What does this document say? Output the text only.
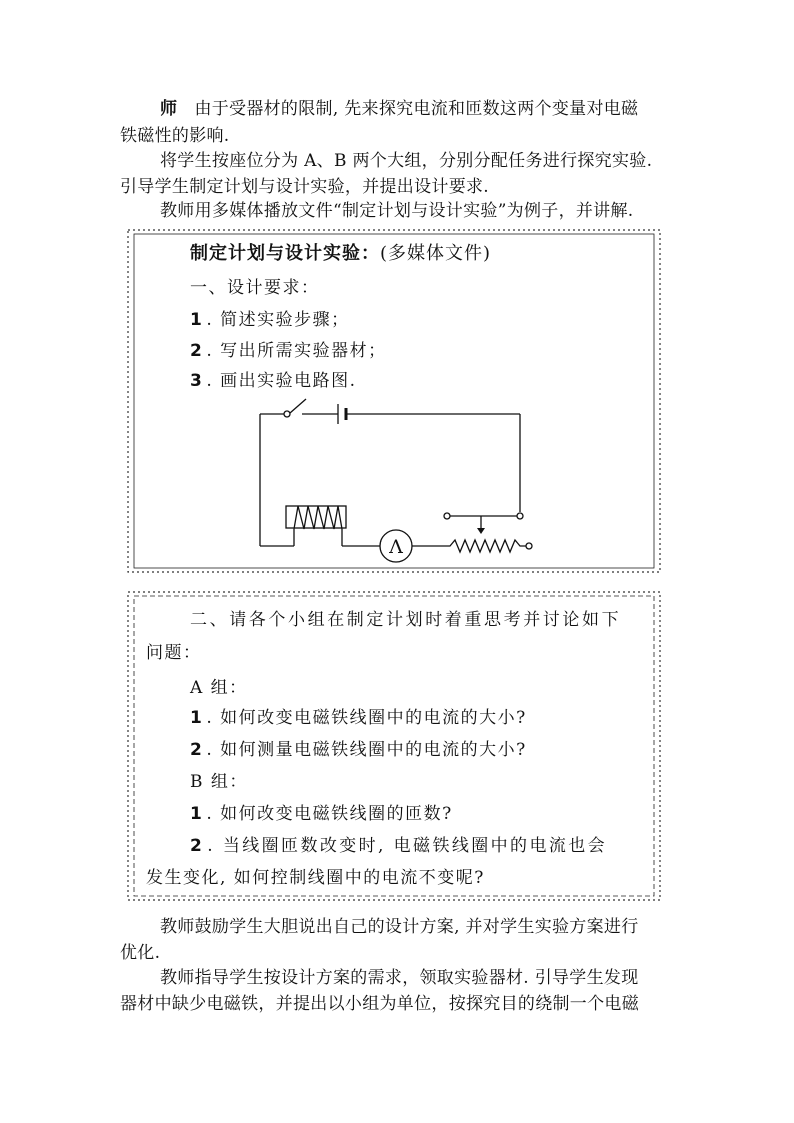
师 由于受器材的限制, 先来探究电流和匝数这两个变量对电磁
铁磁性的影响.
将学生按座位分为 A、B 两个大组，分别分配任务进行探究实验.
引导学生制定计划与设计实验，并提出设计要求.
教师用多媒体播放文件“制定计划与设计实验”为例子，并讲解.
制定计划与设计实验：(多媒体文件)
一、设计要求：
1 . 简述实验步骤；
2 . 写出所需实验器材；
3 . 画出实验电路图.
Λ
二、请各个小组在制定计划时着重思考并讨论如下
问题：
A 组：
1 . 如何改变电磁铁线圈中的电流的大小?
2 . 如何测量电磁铁线圈中的电流的大小?
B 组：
1 . 如何改变电磁铁线圈的匝数?
2 . 当线圈匝数改变时, 电磁铁线圈中的电流也会
发生变化, 如何控制线圈中的电流不变呢?
教师鼓励学生大胆说出自己的设计方案, 并对学生实验方案进行
优化.
教师指导学生按设计方案的需求，领取实验器材. 引导学生发现
器材中缺少电磁铁，并提出以小组为单位，按探究目的绕制一个电磁
